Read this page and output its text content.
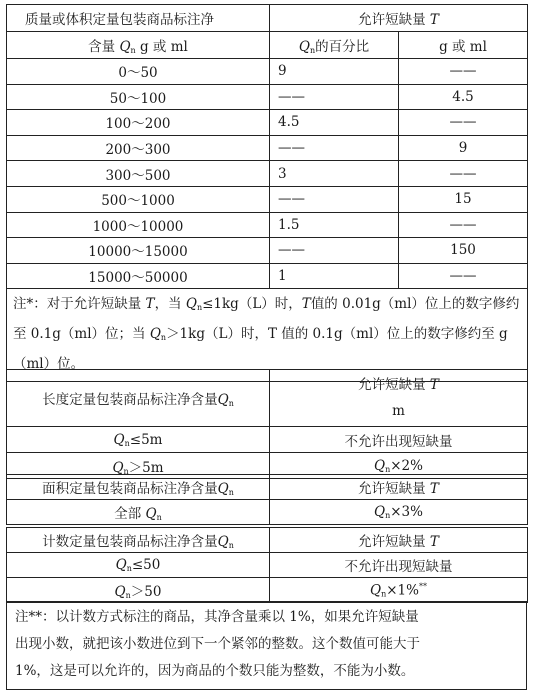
质量或体积定量包装商品标注净	允许短缺量 T	
含量 $Q_n$ g 或 ml	$Q_n$的百分比	g 或 ml
0～50	9	——
50～100	——	4.5
100～200	4.5	——
200～300	——	9
300～500	3	——
500～1000	——	15
1000～10000	1.5	——
10000～15000	——	150
15000～50000	1	——
注*：对于允许短缺量 T，当 $Q_n\le 1kg(L)$时，T值的 0.01g（ml）位上的数字修约至 0.1g（ml）位；当 $Q_n>1kg(L)$时，T 值的 0.1g（ml）位上的数字修约至 g（ml）位。		
长度定量包装商品标注净含量$Q_n$	允许短缺量 T
m
$Q_n\le 5m$	不允许出现短缺量
$Q_n>5m$	$Q_n\times 2\%$
面积定量包装商品标注净含量$Q_n$	允许短缺量 T
全部 $Q_n$	$Q_n\times 3\%$
计数定量包装商品标注净含量$Q_n$	允许短缺量 T
$Q_n\le 50$	不允许出现短缺量
$Q_n>50$	$Q_n\times 1\%^{**}$
注**：以计数方式标注的商品，其净含量乘以 1%，如果允许短缺量
出现小数，就把该小数进位到下一个紧邻的整数。这个数值可能大于
1%，这是可以允许的，因为商品的个数只能为整数，不能为小数。
